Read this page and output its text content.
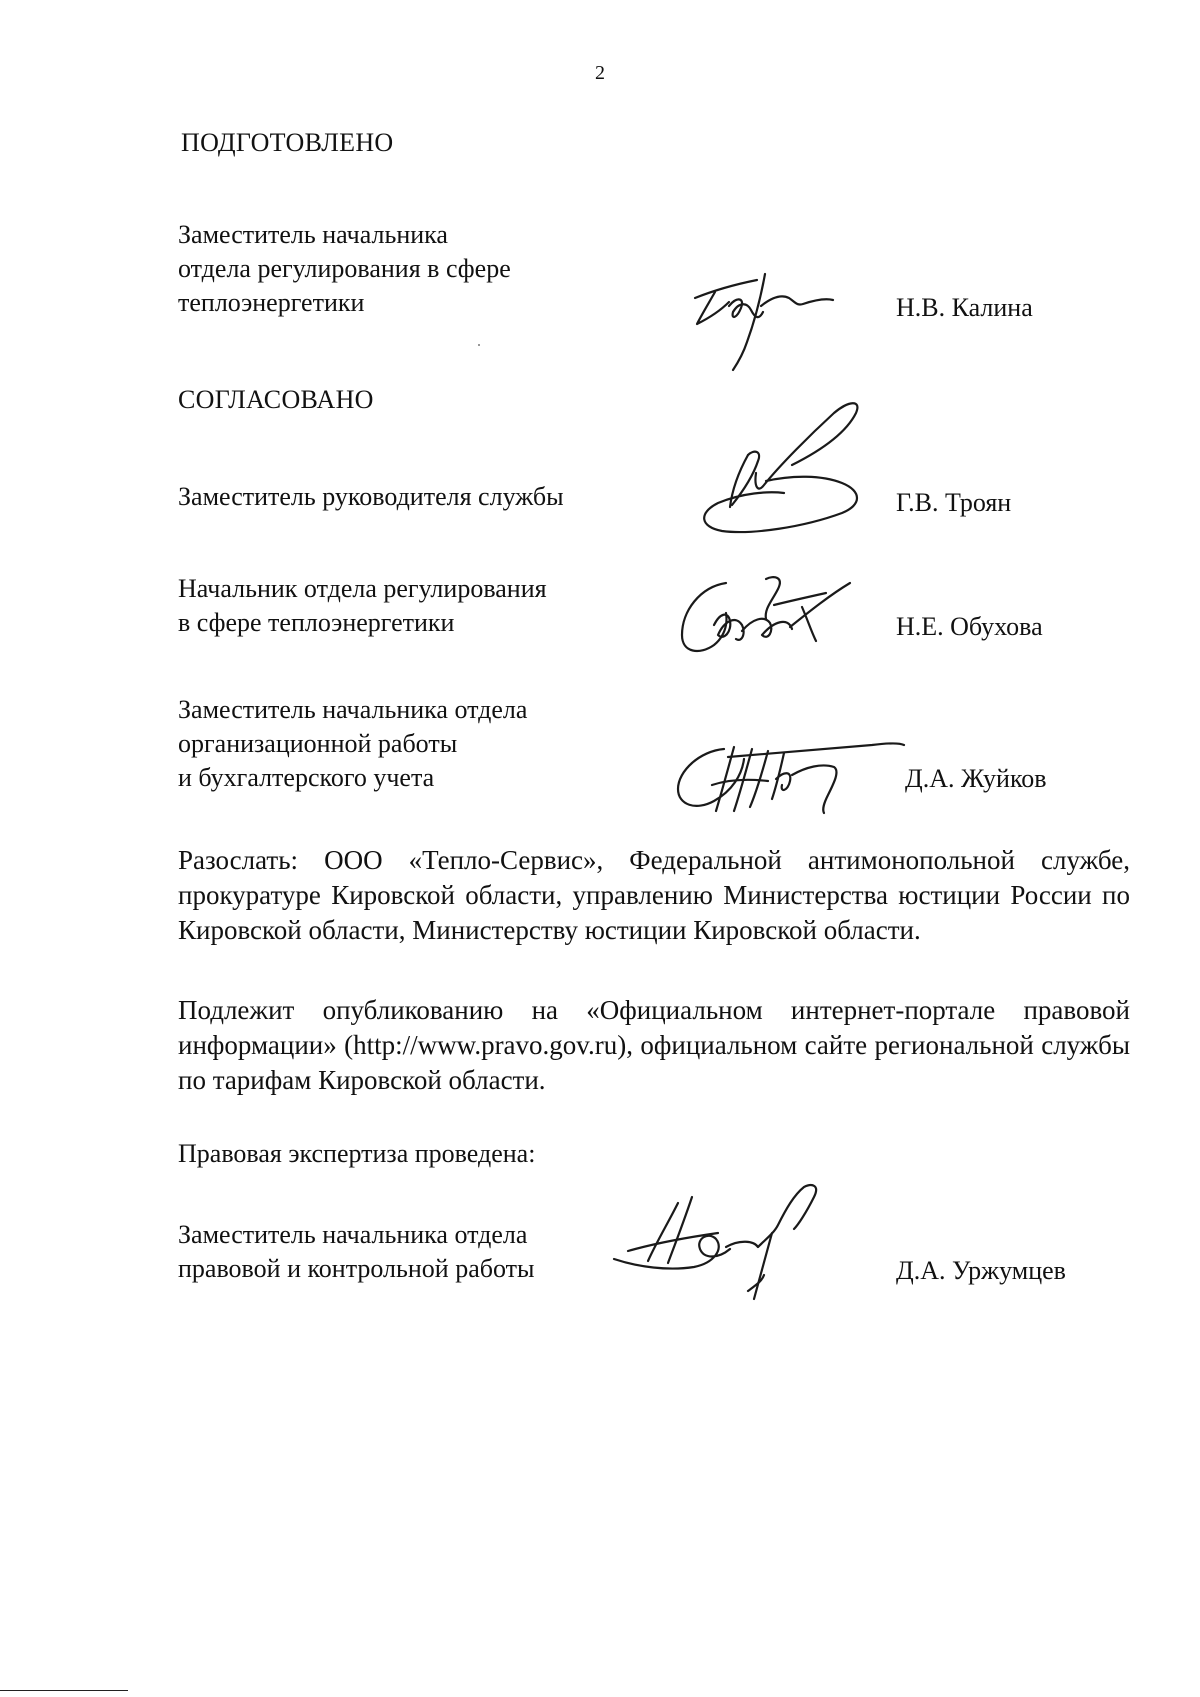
2
ПОДГОТОВЛЕНО
Заместитель начальника
отдела регулирования в сфере
теплоэнергетики	Н.В. Калина
СОГЛАСОВАНО
Заместитель руководителя службы	Г.В. Троян
Начальник отдела регулирования
в сфере теплоэнергетики	Н.Е. Обухова
Заместитель начальника отдела
организационной работы
и бухгалтерского учета	Д.А. Жуйков
Разослать: ООО «Тепло-Сервис», Федеральной антимонопольной службе, прокуратуре Кировской области, управлению Министерства юстиции России по Кировской области, Министерству юстиции Кировской области.
Подлежит опубликованию на «Официальном интернет-портале правовой информации» (http://www.pravo.gov.ru), официальном сайте региональной службы по тарифам Кировской области.
Правовая экспертиза проведена:
Заместитель начальника отдела
правовой и контрольной работы	Д.А. Уржумцев
